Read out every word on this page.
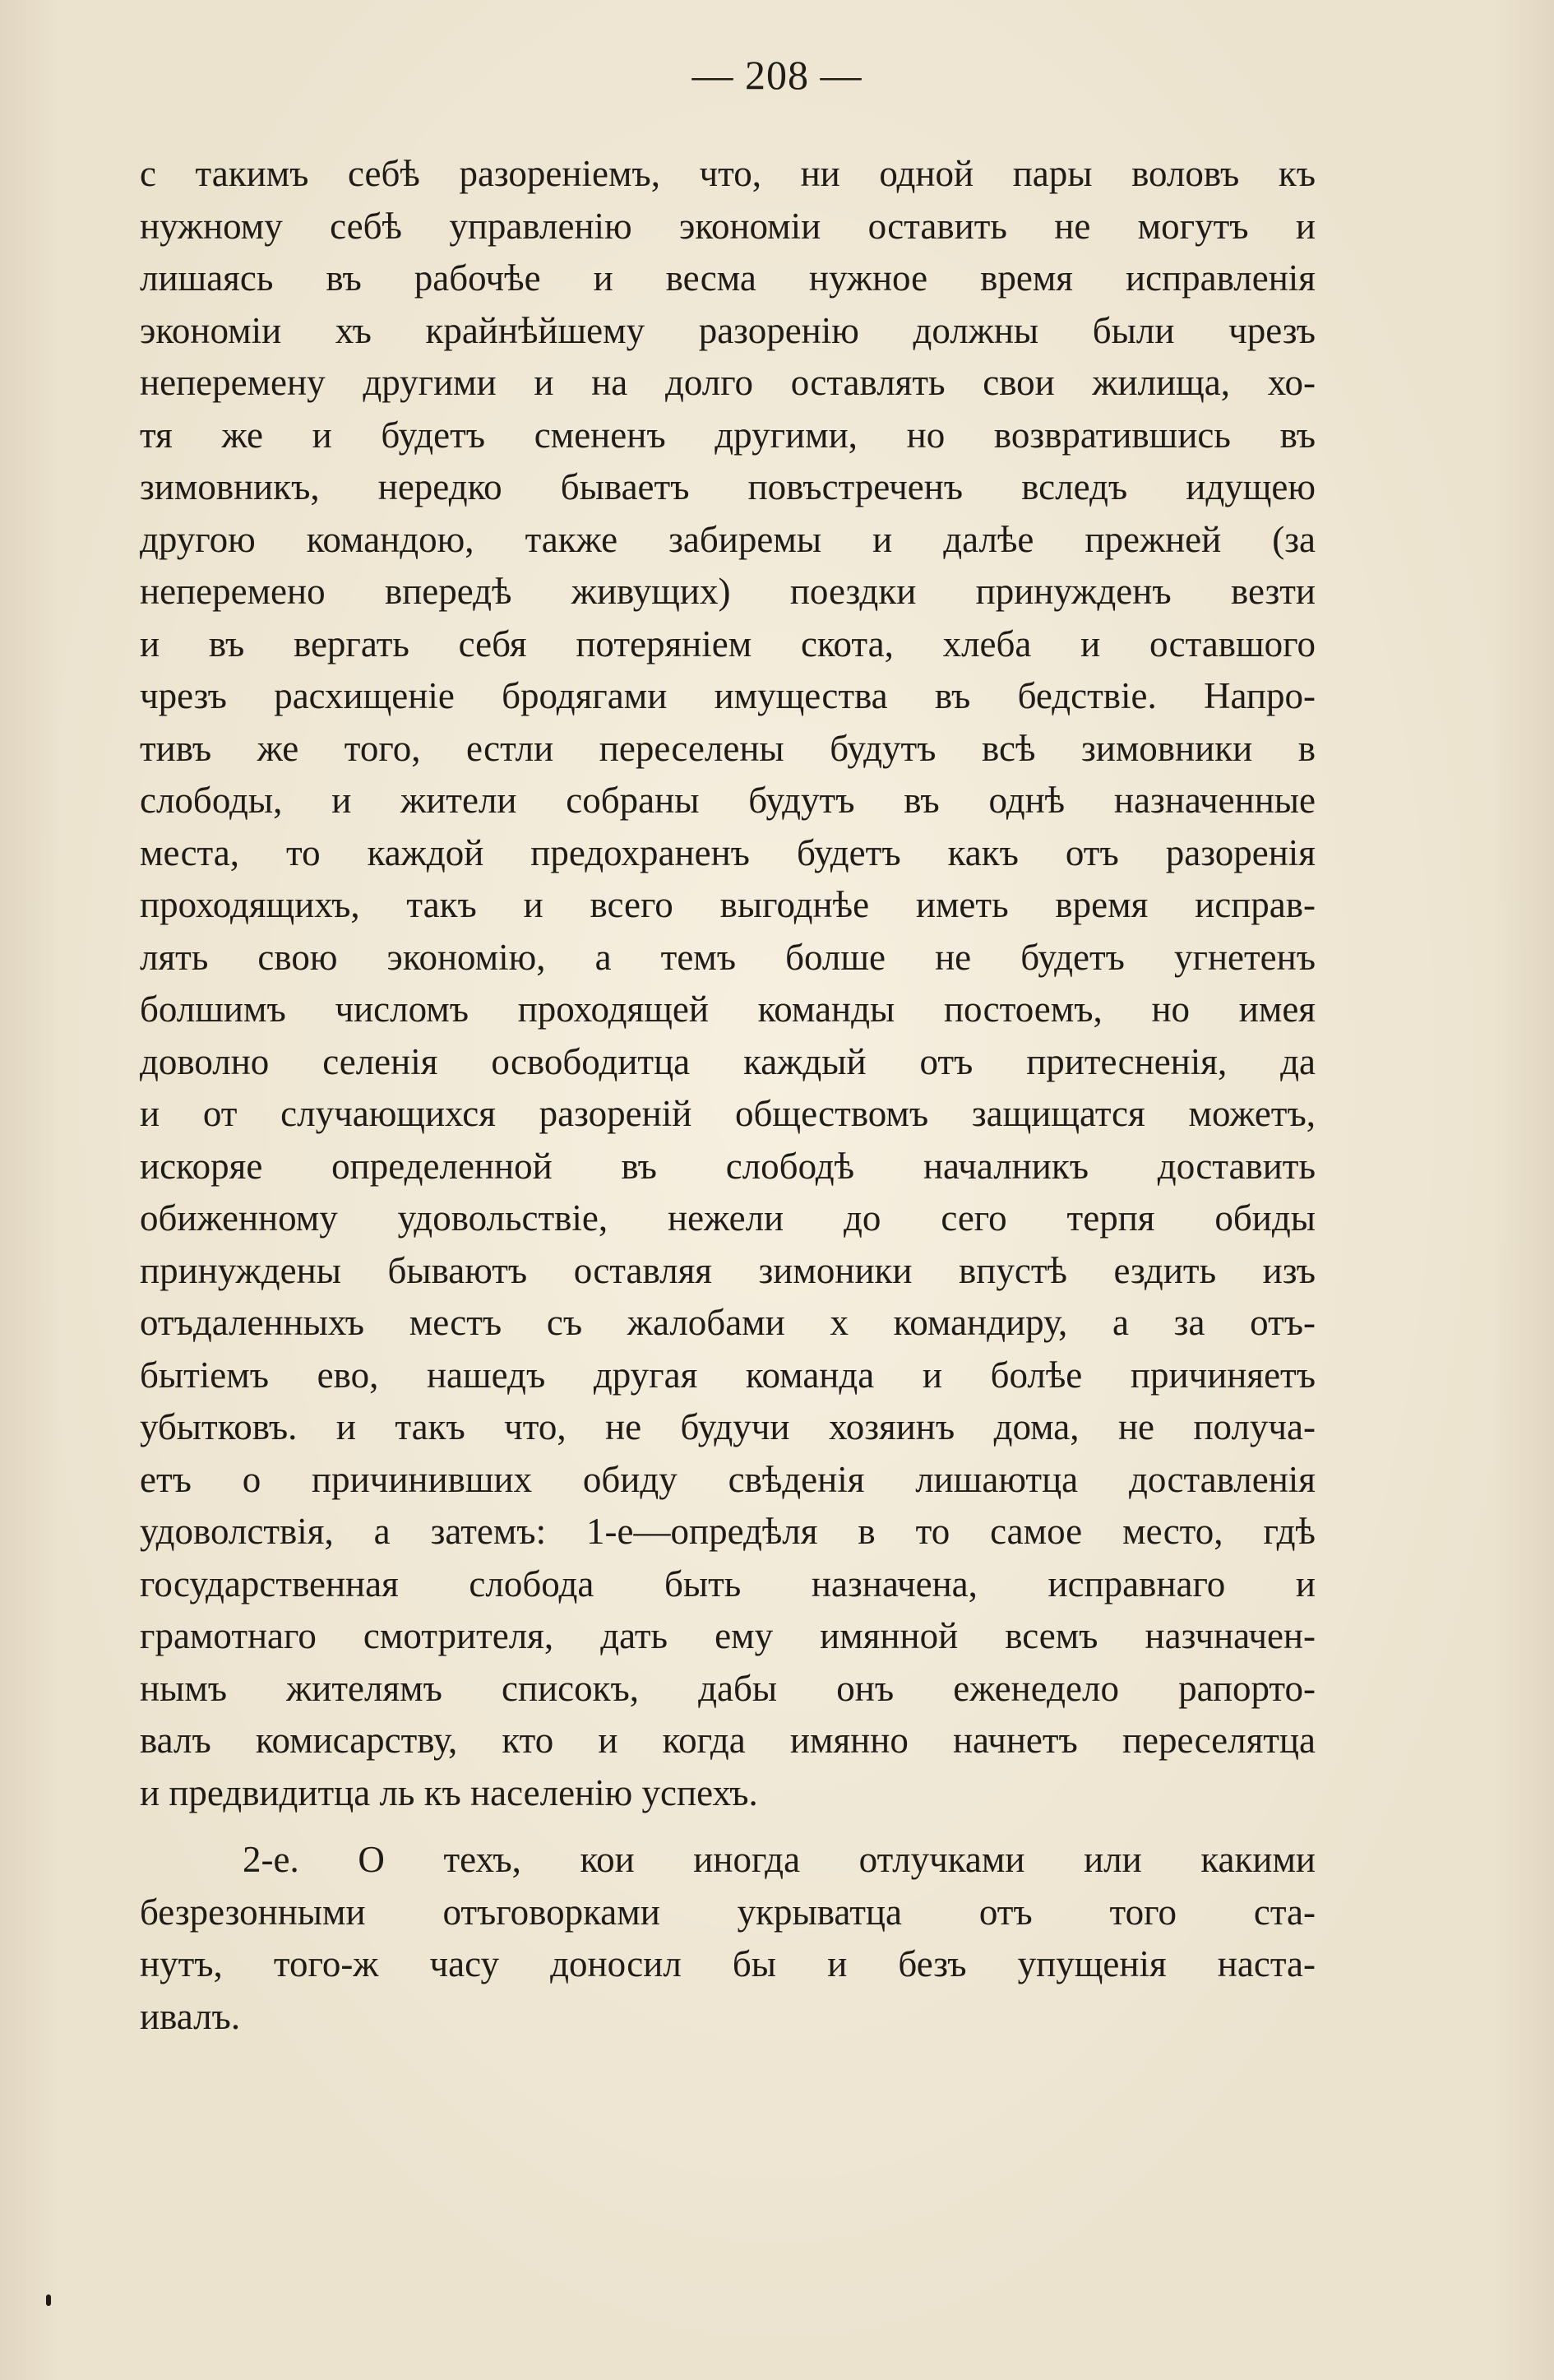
— 208 —
с такимъ себѣ разореніемъ, что, ни одной пары воловъ къ
нужному себѣ управленію экономіи оставить не могутъ и
лишаясь въ рабочѣе и весма нужное время исправленія
экономіи хъ крайнѣйшему разоренію должны были чрезъ
неперемену другими и на долго оставлять свои жилища, хо-
тя же и будетъ смененъ другими, но возвратившись въ
зимовникъ, нередко бываетъ повъстреченъ вследъ идущею
другою командою, также забиремы и далѣе прежней (за
неперемено впередѣ живущих) поездки принужденъ везти
и въ вергать себя потеряніем скота, хлеба и оставшого
чрезъ расхищеніе бродягами имущества въ бедствіе. Напро-
тивъ же того, естли переселены будутъ всѣ зимовники в
слободы, и жители собраны будутъ въ однѣ назначенные
места, то каждой предохраненъ будетъ какъ отъ разоренія
проходящихъ, такъ и всего выгоднѣе иметь время исправ-
лять свою экономію, а темъ болше не будетъ угнетенъ
болшимъ числомъ проходящей команды постоемъ, но имея
доволно селенія освободитца каждый отъ притесненія, да
и от случающихся разореній обществомъ защищатся можетъ,
искоряе определенной въ слободѣ началникъ доставить
обиженному удовольствіе, нежели до сего терпя обиды
принуждены бываютъ оставляя зимоники впустѣ ездить изъ
отъдаленныхъ местъ съ жалобами х командиру, а за отъ-
бытіемъ ево, нашедъ другая команда и болѣе причиняетъ
убытковъ. и такъ что, не будучи хозяинъ дома, не получа-
етъ о причинивших обиду свѣденія лишаютца доставленія
удоволствія, а затемъ: 1-е—опредѣля в то самое место, гдѣ
государственная слобода быть назначена, исправнаго и
грамотнаго смотрителя, дать ему имянной всемъ назчначен-
нымъ жителямъ списокъ, дабы онъ еженедело рапорто-
валъ комисарству, кто и когда имянно начнетъ переселятца
и предвидитца ль къ населенію успехъ.
2-е. О техъ, кои иногда отлучками или какими
безрезонными отъговорками укрыватца отъ того ста-
нутъ, того-ж часу доносил бы и безъ упущенія наста-
ивалъ.
